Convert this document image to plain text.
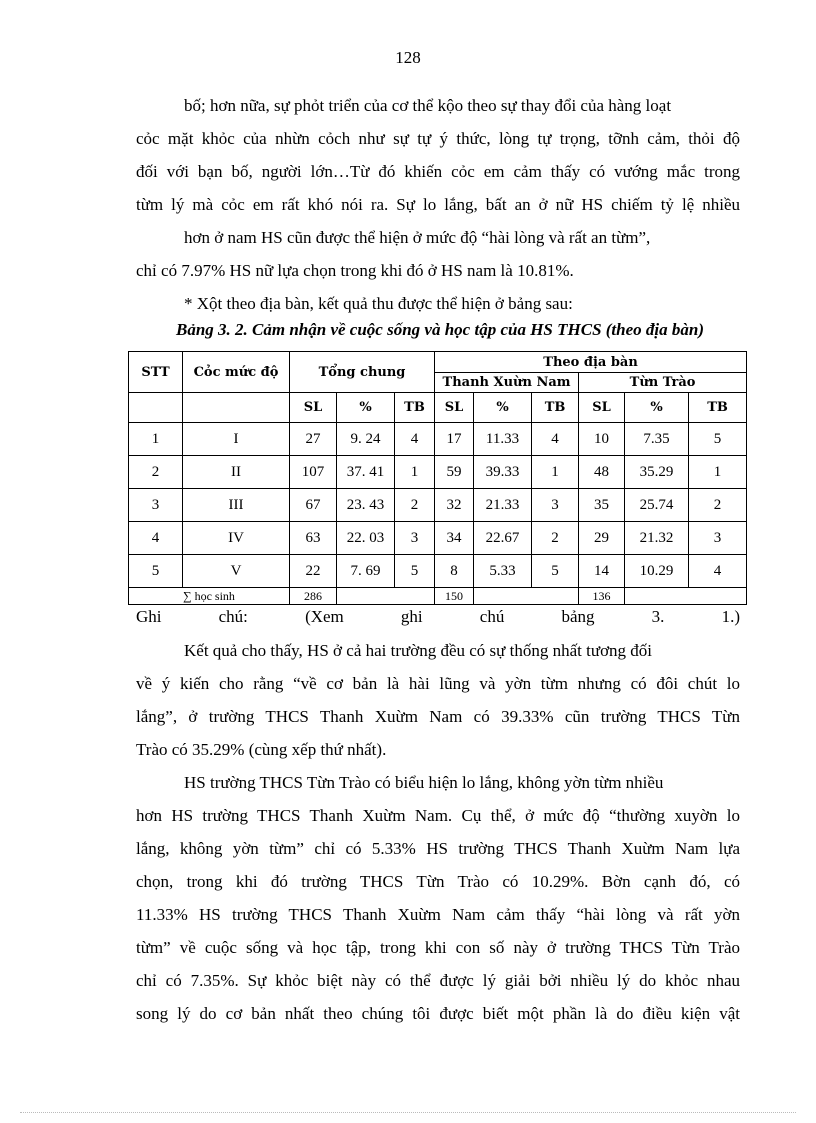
128
bố; hơn nữa, sự phỏt triển của cơ thể kộo theo sự thay đổi của hàng loạt
cỏc mặt khỏc của nhừn cỏch như sự tự ý thức, lòng tự trọng, tỡnh cảm, thỏi độ
đối với bạn bố, người lớn…Từ đó khiến cỏc em cảm thấy có vướng mắc trong
từm lý mà cỏc em rất khó nói ra. Sự lo lắng, bất an ở nữ HS chiếm tỷ lệ nhiều
hơn ở nam HS cũn được thể hiện ở mức độ “hài lòng và rất an từm”,
chỉ có 7.97% HS nữ lựa chọn trong khi đó ở HS nam là 10.81%.
* Xột theo địa bàn, kết quả thu được thể hiện ở bảng sau:
Bảng 3. 2. Cảm nhận về cuộc sống và học tập của HS THCS (theo địa bàn)
STT	Cỏc mức độ	Tổng chung			Theo địa bàn					
					Thanh Xuừn Nam			Từn Trào		
		SL	%	TB	SL	%	TB	SL	%	TB
1	I	27	9. 24	4	17	11.33	4	10	7.35	5
2	II	107	37. 41	1	59	39.33	1	48	35.29	1
3	III	67	23. 43	2	32	21.33	3	35	25.74	2
4	IV	63	22. 03	3	34	22.67	2	29	21.32	3
5	V	22	7. 69	5	8	5.33	5	14	10.29	4
∑ học sinh		286			150			136		
Ghi	chú:	(Xem	ghi	chú	bảng	3.	1.)
Kết quả cho thấy, HS ở cả hai trường đều có sự thống nhất tương đối
về ý kiến cho rằng “về cơ bản là hài lũng và yờn từm nhưng có đôi chút lo
lắng”, ở trường THCS Thanh Xuừm Nam có 39.33% cũn trường THCS Từn
Trào có 35.29% (cùng xếp thứ nhất).
HS trường THCS Từn Trào có biểu hiện lo lắng, không yờn từm nhiều
hơn HS trường THCS Thanh Xuừm Nam. Cụ thể, ở mức độ “thường xuyờn lo
lắng, không yờn từm” chỉ có 5.33% HS trường THCS Thanh Xuừm Nam lựa
chọn, trong khi đó trường THCS Từn Trào có 10.29%. Bờn cạnh đó, có
11.33% HS trường THCS Thanh Xuừm Nam cảm thấy “hài lòng và rất yờn
từm” về cuộc sống và học tập, trong khi con số này ở trường THCS Từn Trào
chỉ có 7.35%. Sự khỏc biệt này có thể được lý giải bởi nhiều lý do khỏc nhau
song lý do cơ bản nhất theo chúng tôi được biết một phần là do điều kiện vật
